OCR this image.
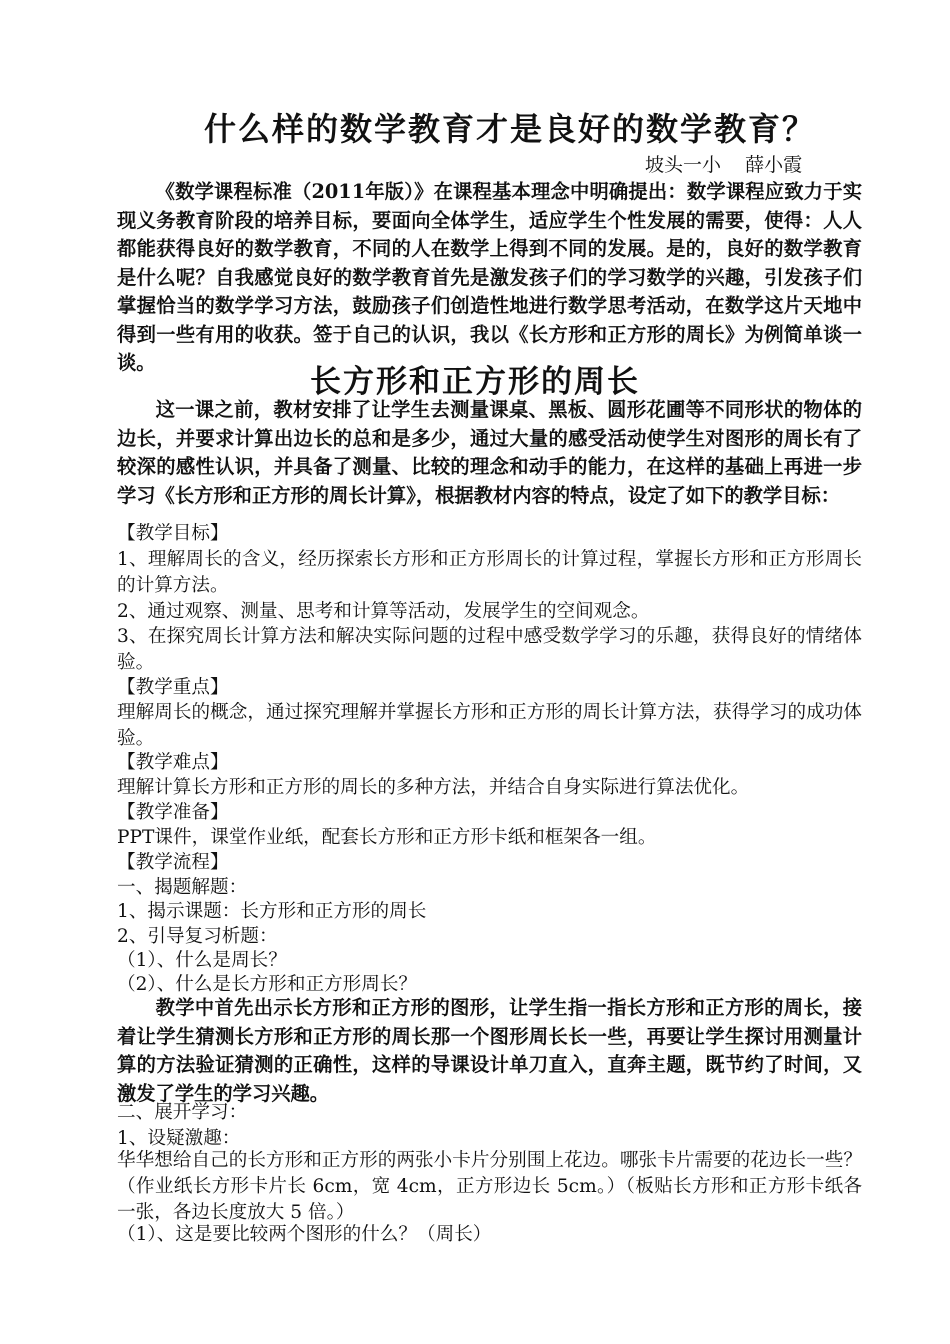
什么样的数学教育才是良好的数学教育？
坡头一小    薛小霞
《数学课程标准（2011年版）》在课程基本理念中明确提出：数学课程应致力于实现义务教育阶段的培养目标，要面向全体学生，适应学生个性发展的需要，使得：人人都能获得良好的数学教育，不同的人在数学上得到不同的发展。是的，良好的数学教育是什么呢？自我感觉良好的数学教育首先是激发孩子们的学习数学的兴趣，引发孩子们掌握恰当的数学学习方法，鼓励孩子们创造性地进行数学思考活动，在数学这片天地中得到一些有用的收获。签于自己的认识，我以《长方形和正方形的周长》为例简单谈一谈。
长方形和正方形的周长
这一课之前，教材安排了让学生去测量课桌、黑板、圆形花圃等不同形状的物体的边长，并要求计算出边长的总和是多少，通过大量的感受活动使学生对图形的周长有了较深的感性认识，并具备了测量、比较的理念和动手的能力，在这样的基础上再进一步学习《长方形和正方形的周长计算》，根据教材内容的特点，设定了如下的教学目标：
【教学目标】
1、理解周长的含义，经历探索长方形和正方形周长的计算过程，掌握长方形和正方形周长的计算方法。
2、通过观察、测量、思考和计算等活动，发展学生的空间观念。
3、在探究周长计算方法和解决实际问题的过程中感受数学学习的乐趣，获得良好的情绪体验。
【教学重点】
理解周长的概念，通过探究理解并掌握长方形和正方形的周长计算方法，获得学习的成功体验。
【教学难点】
理解计算长方形和正方形的周长的多种方法，并结合自身实际进行算法优化。
【教学准备】
PPT课件，课堂作业纸，配套长方形和正方形卡纸和框架各一组。
【教学流程】
一、揭题解题：
1、揭示课题：长方形和正方形的周长
2、引导复习析题：
（1）、什么是周长？
（2）、什么是长方形和正方形周长？
教学中首先出示长方形和正方形的图形，让学生指一指长方形和正方形的周长，接着让学生猜测长方形和正方形的周长那一个图形周长长一些，再要让学生探讨用测量计算的方法验证猜测的正确性，这样的导课设计单刀直入，直奔主题，既节约了时间，又激发了学生的学习兴趣。
二、展开学习：
1、设疑激趣：
华华想给自己的长方形和正方形的两张小卡片分别围上花边。哪张卡片需要的花边长一些？（作业纸长方形卡片长 6cm，宽 4cm，正方形边长 5cm。）（板贴长方形和正方形卡纸各一张，各边长度放大 5 倍。）
（1）、这是要比较两个图形的什么？（周长）
